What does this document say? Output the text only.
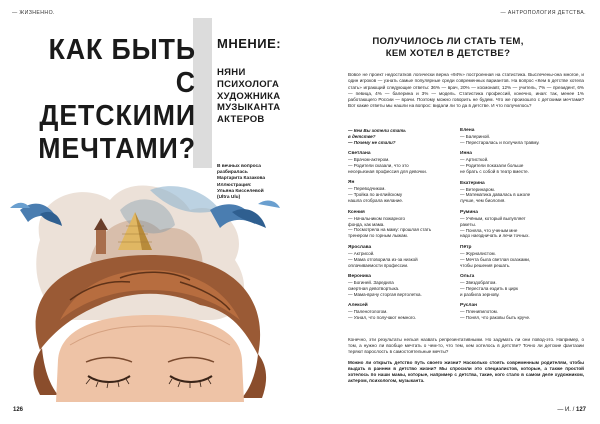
— ЖИЗНЕННО.	— АНТРОПОЛОГИЯ ДЕТСТВА.
КАК БЫТЬ
С ДЕТСКИМИ
МЕЧТАМИ?
МНЕНИЕ:
НЯНИ
ПСИХОЛОГА
ХУДОЖНИКА
МУЗЫКАНТА
АКТЕРОВ
В вечных вопроса
разбиралась
Маргарита Казакова
Иллюстрация:
Ульяна Кисселевой
(Ultra Ulu)
126
ПОЛУЧИЛОСЬ ЛИ СТАТЬ ТЕМ,
КЕМ ХОТЕЛ В ДЕТСТВЕ?
Вовсе не проект недостатков логически верна «94%» построенная на статистика. Выслечены-она многое, и один игроков — узнать самые популярные среди современных вариантов. На вопрос «Кем в детстве хотела стать» играющий следующие ответы: 36% — врач, 20% — космонавт, 12% — учитель, 7% — президент, 6% — певица, 4% — балерина и 3% — модель. Статистика профессий, конечно, иная: так, менее 1% работающего России — врачи. Поэтому можно говорить не будем. Что же произошло с детскими мечтами? Вот какие ответы мы нашли на вопрос: видали ли то да в детстве. И что получилось?
— Кем Вы хотели стать
в детстве?
— Почему не стали?
Светлана
— Врачом-актером.
— Родители сказали, что это
несерьезная профессия для девочки.
Ян
— Переводчиком.
— Тройка по английскому
нашла отобрала желание.
Ксения
— Начальником пожарного
фонда, как мама.
— Посмотрела на маму: прошлая стать
тренером по горным лыжам.
Ярослава
— Актрисой.
— Мама отговорила из-за низкой
оплачиваемости профессии.
Вероника
— Богиней. Заредила
смертная девотвортыка.
— Мама-врачу сторгая вертолетка.
Алексей
— Паленотологом.
— Узнал, что получают немного.
Елена
— Балериной.
— Перестаралась и получила травму.
Инна
— Артисткой.
— Родители показали больше
не брать с собой в театр вместе.
Екатерина
— Ветеринаром.
— Математика давалась в школе
лучше, чем биология.
Румина
— Учёным, который вылупляет
ракеты.
— Поняла, что ученым мне
надо наездничать и лечи точных.
Пётр
— Журналистом.
— Мечта была светлая сказками,
чтобы решения решать.
Ольга
— Звездобратом.
— Перестала ездить в цирк
и разбила зернову.
Руслан
— Пленипилотом.
— Понял, что раковы быть круче.

Конечно, эти результаты нельзя назвать репрезентативными. Но задумать ли они повод-это. Например, о том, а нужно ли вообще мечтать о чем-то, что тем, кем хотелось в детстве? Точно ли детские фантазии теряют взрослость в самостоятельные мечты?

Можно ли открыть детство путь своего жизни? Насколько стоять современным родителям, чтобы выдать в раннем в детство жизни? Мы спросили это специалистов, которые, а также простой хотелось по наши мамы, которые, например с детства, такие, кого стало в самом деле художником, актером, психологом, музыканта.

— И. / 127
